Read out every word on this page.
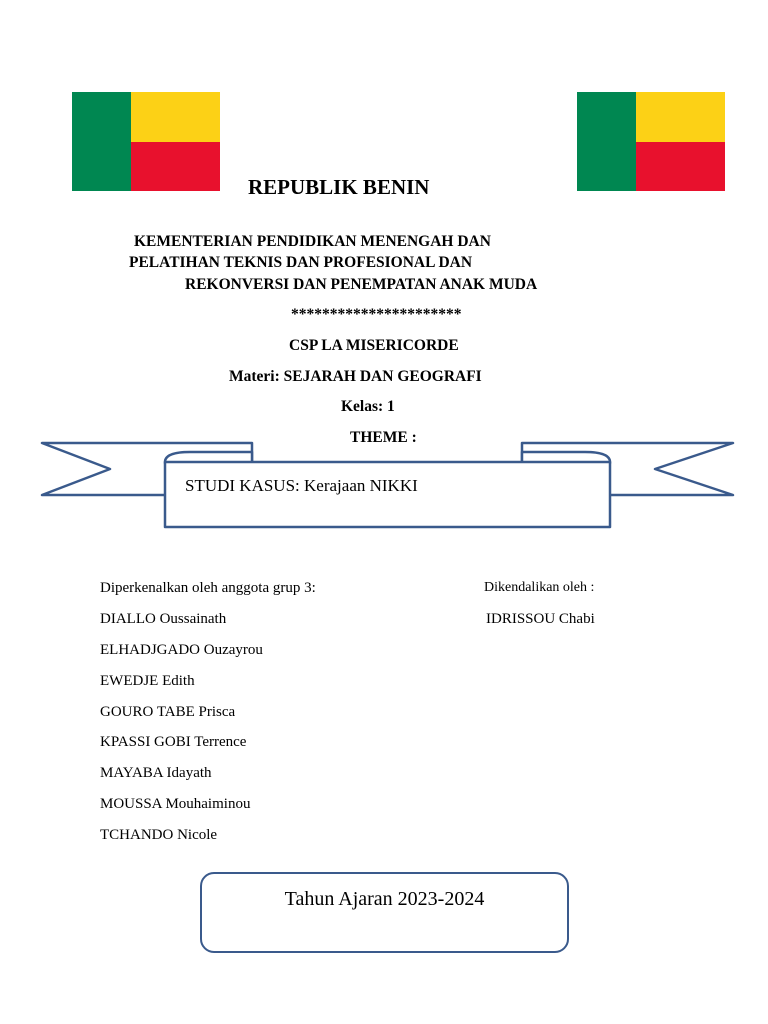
REPUBLIK BENIN
KEMENTERIAN PENDIDIKAN MENENGAH DAN
PELATIHAN TEKNIS DAN PROFESIONAL DAN
REKONVERSI DAN PENEMPATAN ANAK MUDA
**********************
CSP LA MISERICORDE
Materi: SEJARAH DAN GEOGRAFI
Kelas: 1
THEME :
STUDI KASUS: Kerajaan NIKKI
Diperkenalkan oleh anggota grup 3:
DIALLO Oussainath
ELHADJGADO Ouzayrou
EWEDJE Edith
GOURO TABE Prisca
KPASSI GOBI Terrence
MAYABA Idayath
MOUSSA Mouhaiminou
TCHANDO Nicole
Dikendalikan oleh :
IDRISSOU Chabi
Tahun Ajaran 2023-2024
